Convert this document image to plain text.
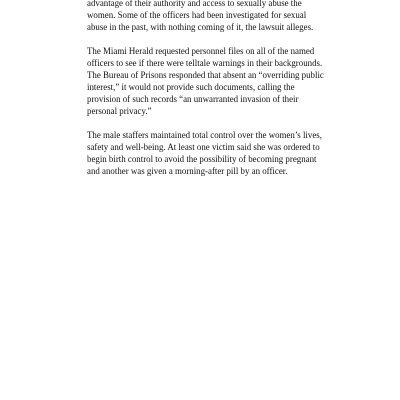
advantage of their authority and access to sexually abuse the women. Some of the officers had been investigated for sexual abuse in the past, with nothing coming of it, the lawsuit alleges.

The Miami Herald requested personnel files on all of the named officers to see if there were telltale warnings in their backgrounds. The Bureau of Prisons responded that absent an “overriding public interest,” it would not provide such documents, calling the provision of such records “an unwarranted invasion of their personal privacy.”

The male staffers maintained total control over the women’s lives, safety and well-being. At least one victim said she was ordered to begin birth control to avoid the possibility of becoming pregnant and another was given a morning-after pill by an officer.
